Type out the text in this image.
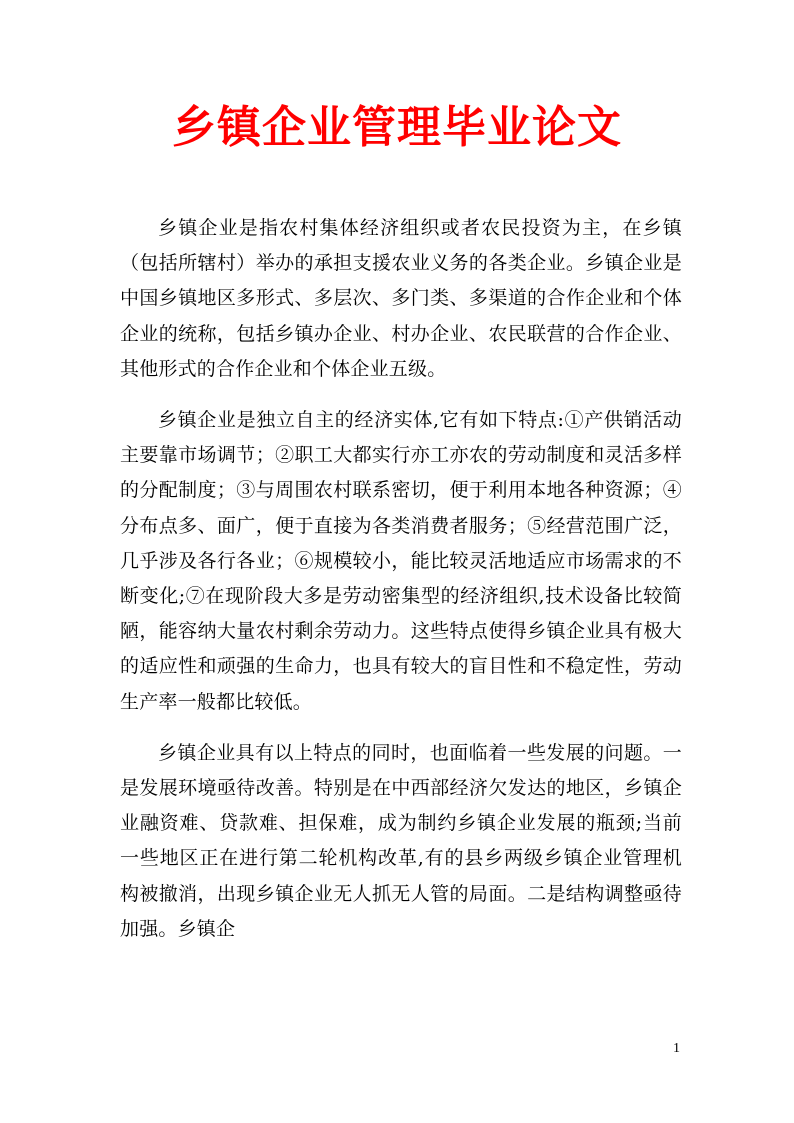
乡镇企业管理毕业论文

乡镇企业是指农村集体经济组织或者农民投资为主，在乡镇（包括所辖村）举办的承担支援农业义务的各类企业。乡镇企业是中国乡镇地区多形式、多层次、多门类、多渠道的合作企业和个体企业的统称，包括乡镇办企业、村办企业、农民联营的合作企业、其他形式的合作企业和个体企业五级。

乡镇企业是独立自主的经济实体,它有如下特点:①产供销活动主要靠市场调节；②职工大都实行亦工亦农的劳动制度和灵活多样的分配制度；③与周围农村联系密切，便于利用本地各种资源；④分布点多、面广，便于直接为各类消费者服务；⑤经营范围广泛，几乎涉及各行各业；⑥规模较小，能比较灵活地适应市场需求的不断变化;⑦在现阶段大多是劳动密集型的经济组织,技术设备比较简陋，能容纳大量农村剩余劳动力。这些特点使得乡镇企业具有极大的适应性和顽强的生命力，也具有较大的盲目性和不稳定性，劳动生产率一般都比较低。

乡镇企业具有以上特点的同时，也面临着一些发展的问题。一是发展环境亟待改善。特别是在中西部经济欠发达的地区，乡镇企业融资难、贷款难、担保难，成为制约乡镇企业发展的瓶颈;当前一些地区正在进行第二轮机构改革,有的县乡两级乡镇企业管理机构被撤消，出现乡镇企业无人抓无人管的局面。二是结构调整亟待加强。乡镇企

1
